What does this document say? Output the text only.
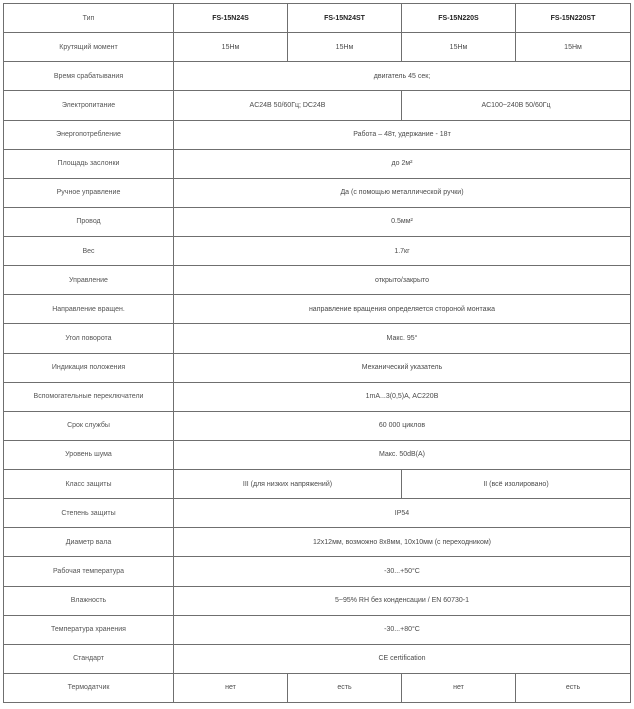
Тип	FS-15N24S	FS-15N24ST	FS-15N220S	FS-15N220ST
Крутящий момент	15Нм	15Нм	15Нм	15Нм
Время срабатывания	двигатель 45 сек;			
Электропитание	AC24В 50/60Гц; DC24В		AC100~240В 50/60Гц	
Энергопотребление	Работа – 48т, удержание - 18т			
Площадь заслонки	до 2м²			
Ручное управление	Да (с помощью металлической ручки)			
Провод	0.5мм²			
Вес	1.7кг			
Управление	открыто/закрыто			
Направление вращен.	направление вращения определяется стороной монтажа			
Угол поворота	Макс. 95°			
Индикация положения	Механический указатель			
Вспомогательные переключатели	1mA...3(0,5)A, AC220В			
Срок службы	60 000 циклов			
Уровень шума	Макс. 50dB(A)			
Класс защиты	III (для низких напряжений)		II (всё изолировано)	
Степень защиты	IP54			
Диаметр вала	12x12мм, возможно 8x8мм, 10x10мм (с переходником)			
Рабочая температура	-30...+50°C			
Влажность	5~95% RH без конденсации / EN 60730-1			
Температура хранения	-30...+80°C			
Стандарт	CE certification			
Термодатчик	нет	есть	нет	есть
